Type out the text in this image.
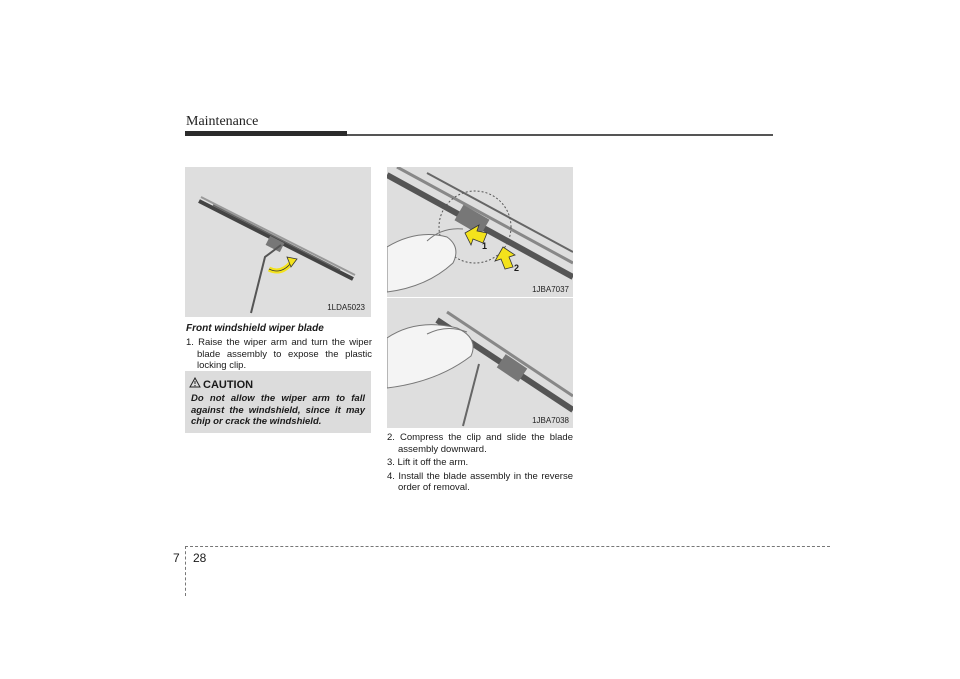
Maintenance
1LDA5023
1
2
1JBA7037
1JBA7038
Front windshield wiper blade
1. Raise the wiper arm and turn the wiper blade assembly to expose the plastic locking clip.
CAUTION
Do not allow the wiper arm to fall against the windshield, since it may chip or crack the windshield.
2. Compress the clip and slide the blade assembly downward.
3. Lift it off the arm.
4. Install the blade assembly in the reverse order of removal.
7 28
